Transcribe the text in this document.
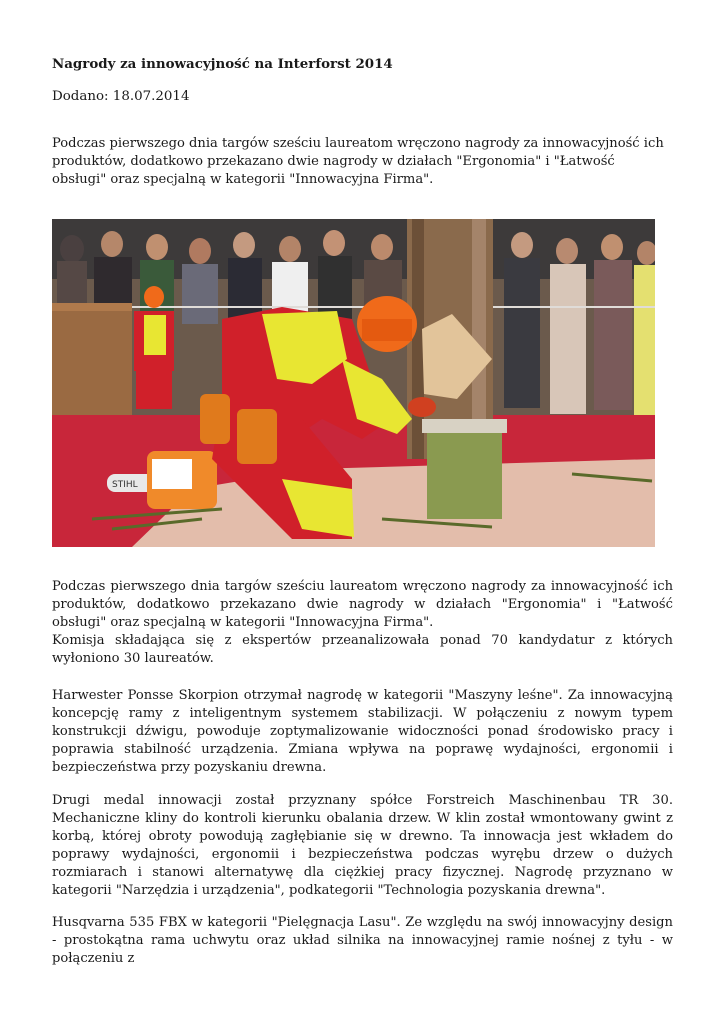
Nagrody za innowacyjność na Interforst 2014
Dodano: 18.07.2014
Podczas pierwszego dnia targów sześciu laureatom wręczono nagrody za innowacyjność ich produktów, dodatkowo przekazano dwie nagrody w działach "Ergonomia" i "Łatwość obsługi" oraz specjalną w kategorii "Innowacyjna Firma".
STIHL

Podczas pierwszego dnia targów sześciu laureatom wręczono nagrody za innowacyjność ich produktów, dodatkowo przekazano dwie nagrody w działach "Ergonomia" i "Łatwość obsługi" oraz specjalną w kategorii "Innowacyjna Firma".

Komisja składająca się z ekspertów przeanalizowała ponad 70 kandydatur z których wyłoniono 30 laureatów.

Harwester Ponsse Skorpion otrzymał nagrodę w kategorii "Maszyny leśne". Za innowacyjną koncepcję ramy z inteligentnym systemem stabilizacji. W połączeniu z nowym typem konstrukcji dźwigu, powoduje zoptymalizowanie widoczności ponad środowisko pracy i poprawia stabilność urządzenia. Zmiana wpływa na poprawę wydajności, ergonomii i bezpieczeństwa przy pozyskaniu drewna.

Drugi medal innowacji został przyznany spółce Forstreich Maschinenbau TR 30. Mechaniczne kliny do kontroli kierunku obalania drzew. W klin został wmontowany gwint z korbą, której obroty powodują zagłębianie się w drewno. Ta innowacja jest wkładem do poprawy wydajności, ergonomii i bezpieczeństwa podczas wyrębu drzew o dużych rozmiarach i stanowi alternatywę dla ciężkiej pracy fizycznej. Nagrodę przyznano w kategorii "Narzędzia i urządzenia", podkategorii "Technologia pozyskania drewna".

Husqvarna 535 FBX w kategorii "Pielęgnacja Lasu". Ze względu na swój innowacyjny design - prostokątna rama uchwytu oraz układ silnika na innowacyjnej ramie nośnej z tyłu - w połączeniu z
